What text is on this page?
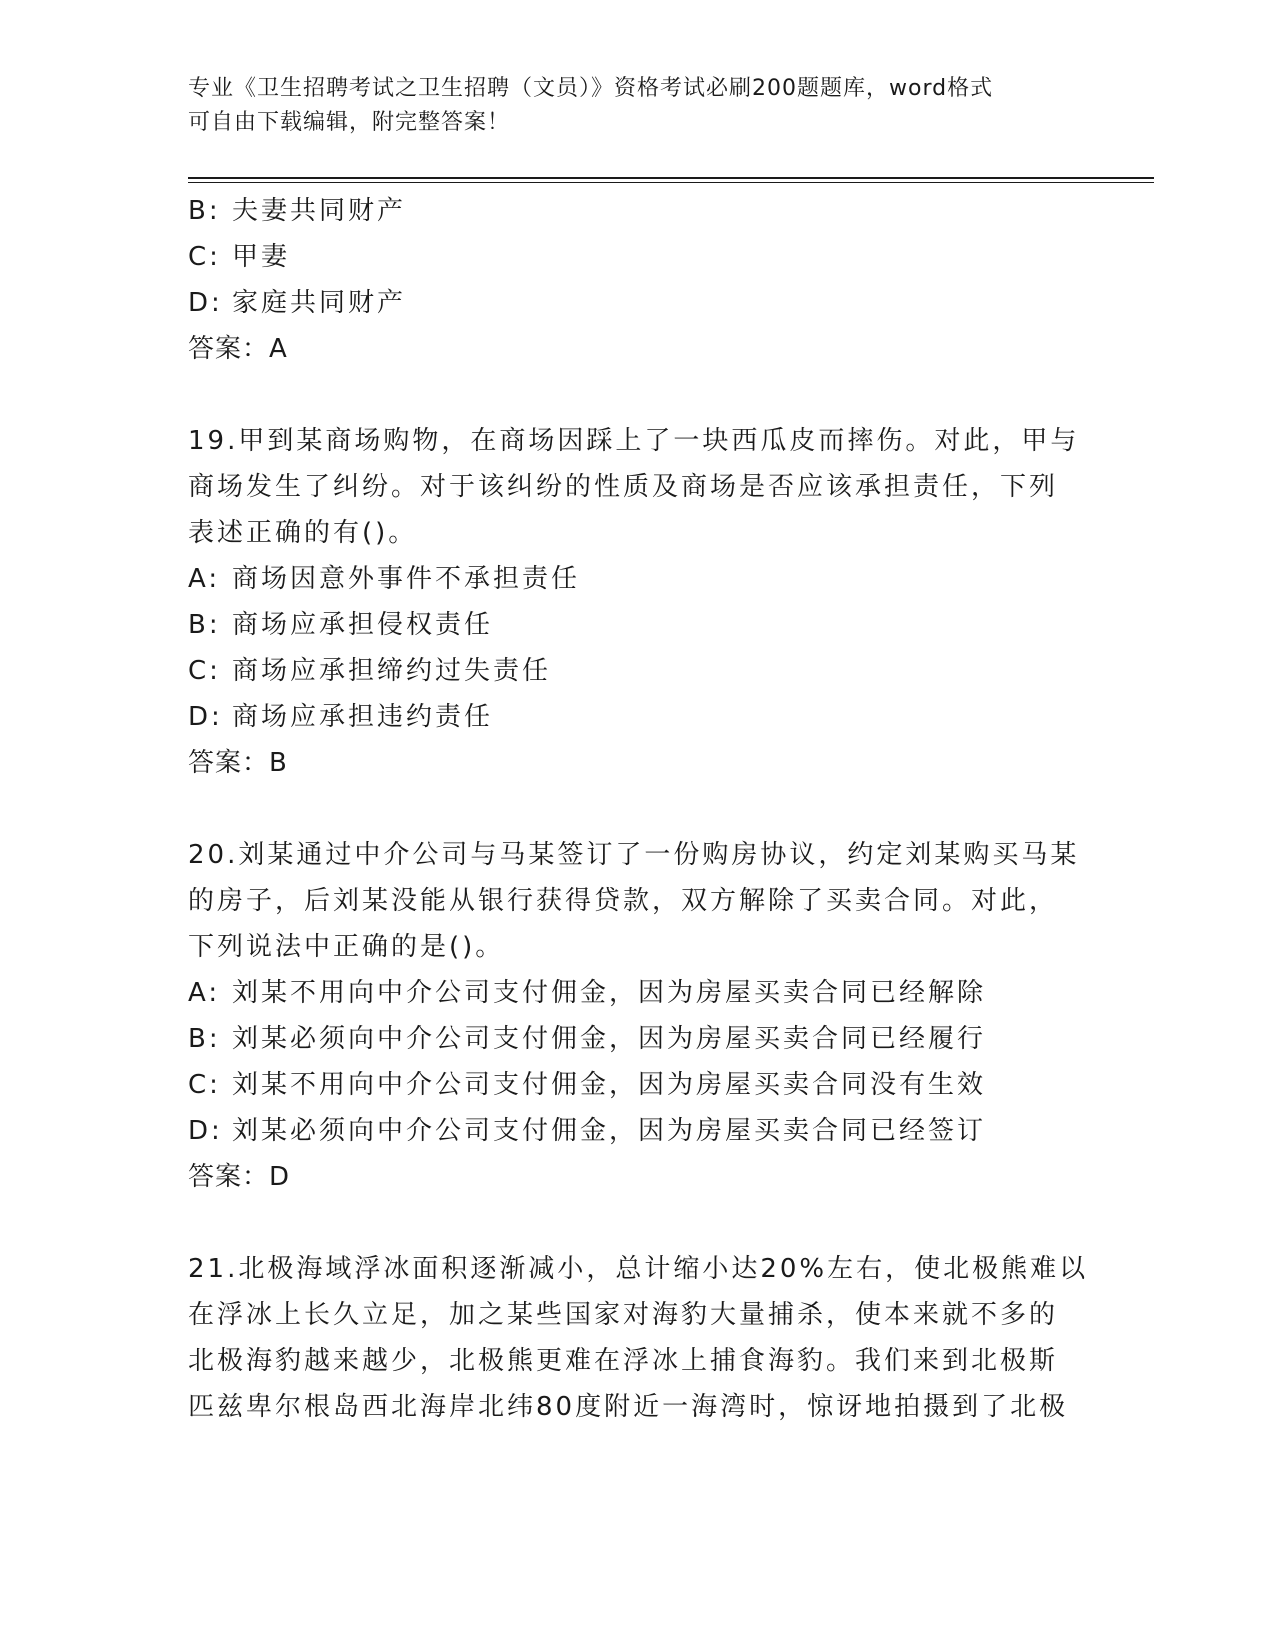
专业《卫生招聘考试之卫生招聘（文员）》资格考试必刷200题题库，word格式
可自由下载编辑，附完整答案！
B: 夫妻共同财产
C: 甲妻
D: 家庭共同财产
答案：A
19.甲到某商场购物，在商场因踩上了一块西瓜皮而摔伤。对此，甲与
商场发生了纠纷。对于该纠纷的性质及商场是否应该承担责任，下列
表述正确的有()。
A: 商场因意外事件不承担责任
B: 商场应承担侵权责任
C: 商场应承担缔约过失责任
D: 商场应承担违约责任
答案：B
20.刘某通过中介公司与马某签订了一份购房协议，约定刘某购买马某
的房子，后刘某没能从银行获得贷款，双方解除了买卖合同。对此，
下列说法中正确的是()。
A: 刘某不用向中介公司支付佣金，因为房屋买卖合同已经解除
B: 刘某必须向中介公司支付佣金，因为房屋买卖合同已经履行
C: 刘某不用向中介公司支付佣金，因为房屋买卖合同没有生效
D: 刘某必须向中介公司支付佣金，因为房屋买卖合同已经签订
答案：D
21.北极海域浮冰面积逐渐减小，总计缩小达20%左右，使北极熊难以
在浮冰上长久立足，加之某些国家对海豹大量捕杀，使本来就不多的
北极海豹越来越少，北极熊更难在浮冰上捕食海豹。我们来到北极斯
匹兹卑尔根岛西北海岸北纬80度附近一海湾时，惊讶地拍摄到了北极
